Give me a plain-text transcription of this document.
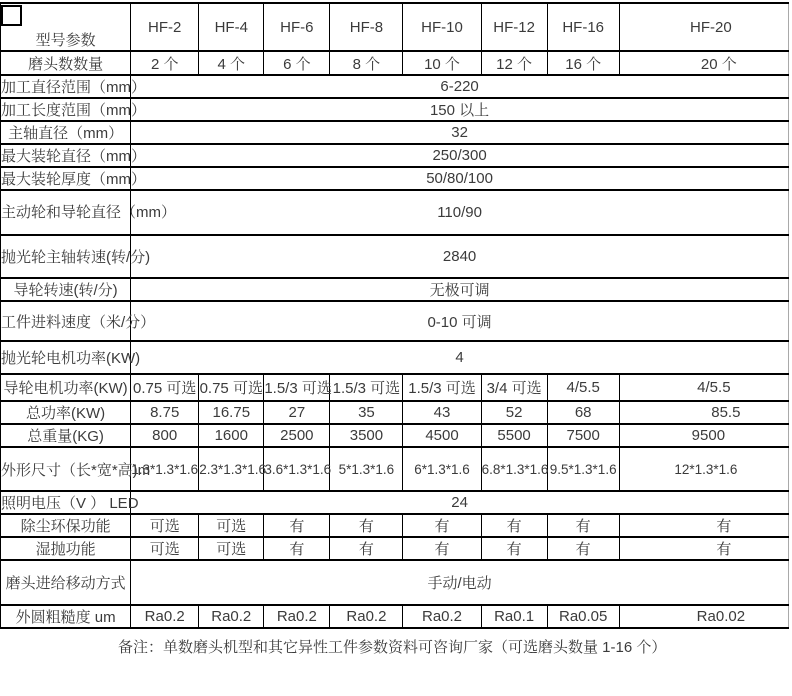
型号参数	HF-2	HF-4	HF-6	HF-8	HF-10	HF-12	HF-16	HF-20
磨头数数量	2 个	4 个	6 个	8 个	10 个	12 个	16 个	20 个
加工直径范围（mm）	6-220							
加工长度范围（mm）	150 以上							
主轴直径（mm）	32							
最大装轮直径（mm）	250/300							
最大装轮厚度（mm）	50/80/100							
主动轮和导轮直径（mm）	110/90							
抛光轮主轴转速(转/分)	2840							
导轮转速(转/分)	无极可调							
工件进料速度（米/分）	0-10 可调							
抛光轮电机功率(KW)	4							
导轮电机功率(KW)	0.75 可选	0.75 可选	1.5/3 可选	1.5/3 可选	1.5/3 可选	3/4 可选	4/5.5	4/5.5
总功率(KW)	8.75	16.75	27	35	43	52	68	85.5
总重量(KG)	800	1600	2500	3500	4500	5500	7500	9500
外形尺寸（长*宽*高)m	1.3*1.3*1.6	2.3*1.3*1.6	3.6*1.3*1.6	5*1.3*1.6	6*1.3*1.6	6.8*1.3*1.6	9.5*1.3*1.6	12*1.3*1.6
照明电压（V ） LED	24							
除尘环保功能	可选	可选	有	有	有	有	有	有
湿抛功能	可选	可选	有	有	有	有	有	有
磨头进给移动方式	手动/电动							
外圆粗糙度 um	Ra0.2	Ra0.2	Ra0.2	Ra0.2	Ra0.2	Ra0.1	Ra0.05	Ra0.02
备注：单数磨头机型和其它异性工件参数资料可咨询厂家（可选磨头数量 1-16 个）
